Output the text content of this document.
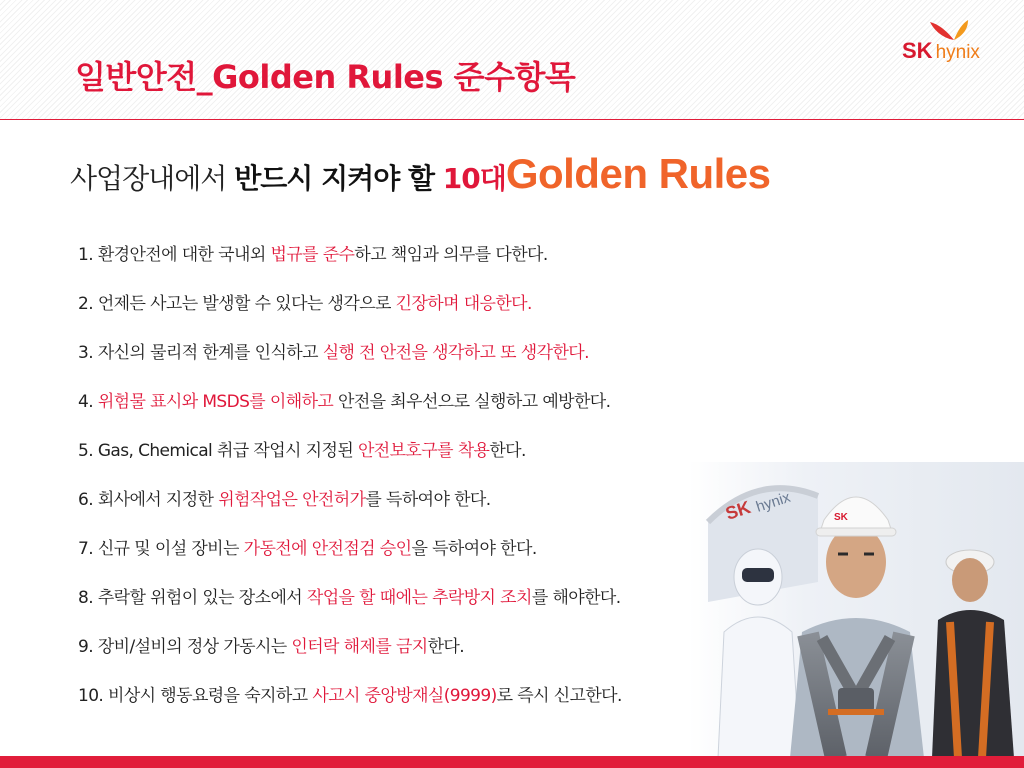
일반안전_Golden Rules 준수항목
SK hynix
사업장내에서 반드시 지켜야 할 10대Golden Rules
1. 환경안전에 대한 국내외 법규를 준수하고 책임과 의무를 다한다.
2. 언제든 사고는 발생할 수 있다는 생각으로 긴장하며 대응한다.
3. 자신의 물리적 한계를 인식하고 실행 전 안전을 생각하고 또 생각한다.
4. 위험물 표시와 MSDS를 이해하고 안전을 최우선으로 실행하고 예방한다.
5. Gas, Chemical 취급 작업시 지정된 안전보호구를 착용한다.
6. 회사에서 지정한 위험작업은 안전허가를 득하여야 한다.
7. 신규 및 이설 장비는 가동전에 안전점검 승인을 득하여야 한다.
8. 추락할 위험이 있는 장소에서 작업을 할 때에는 추락방지 조치를 해야한다.
9. 장비/설비의 정상 가동시는 인터락 해제를 금지한다.
10. 비상시 행동요령을 숙지하고 사고시 중앙방재실(9999)로 즉시 신고한다.
SK hynix
SK
